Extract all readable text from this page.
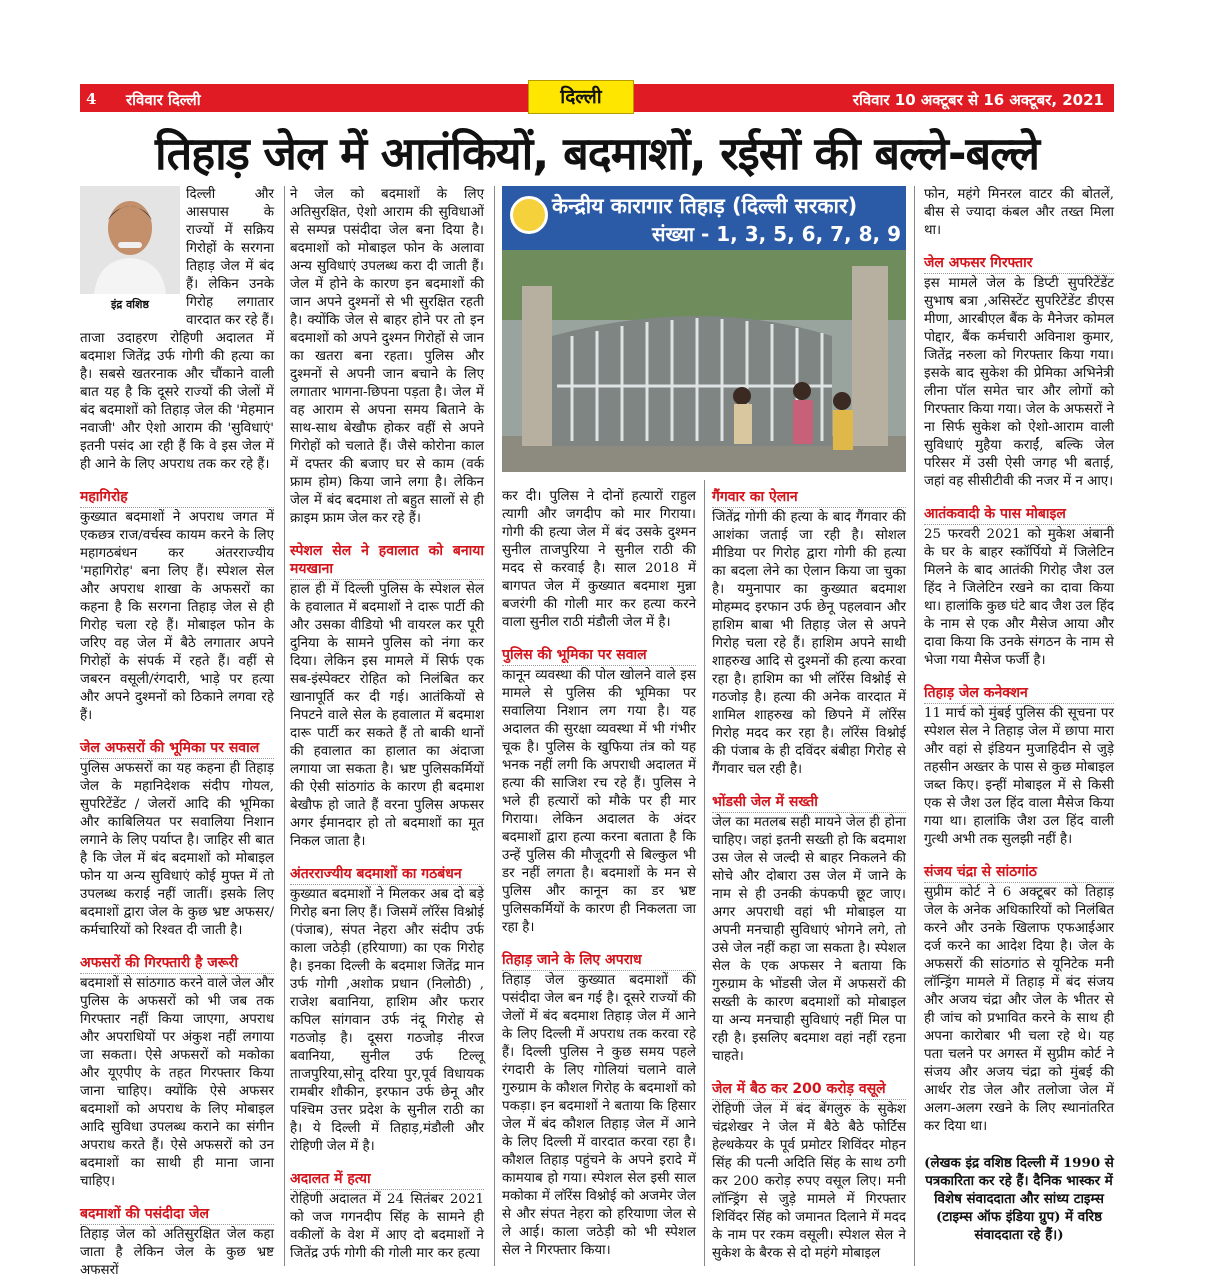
4 रविवार दिल्ली	रविवार 10 अक्टूबर से 16 अक्टूबर, 2021
दिल्ली
तिहाड़ जेल में आतंकियों, बदमाशों, रईसों की बल्ले-बल्ले
इंद्र वशिष्ठ

दिल्ली और आसपास के राज्यों में सक्रिय गिरोहों के सरगना तिहाड़ जेल में बंद हैं। लेकिन उनके गिरोह लगातार वारदात कर रहे हैं। ताजा उदाहरण रोहिणी अदालत में बदमाश जितेंद्र उर्फ गोगी की हत्या का है। सबसे खतरनाक और चौंकाने वाली बात यह है कि दूसरे राज्यों की जेलों में बंद बदमाशों को तिहाड़ जेल की 'मेहमान नवाजी' और ऐशो आराम की 'सुविधाएं' इतनी पसंद आ रही हैं कि वे इस जेल में ही आने के लिए अपराध तक कर रहे हैं।

महागिरोह

कुख्यात बदमाशों ने अपराध जगत में एकछत्र राज/वर्चस्व कायम करने के लिए महागठबंधन कर अंतरराज्यीय 'महागिरोह' बना लिए हैं। स्पेशल सेल और अपराध शाखा के अफसरों का कहना है कि सरगना तिहाड़ जेल से ही गिरोह चला रहे हैं। मोबाइल फोन के जरिए वह जेल में बैठे लगातार अपने गिरोहों के संपर्क में रहते हैं। वहीं से जबरन वसूली/रंगदारी, भाड़े पर हत्या और अपने दुश्मनों को ठिकाने लगवा रहे हैं।

जेल अफसरों की भूमिका पर सवाल

पुलिस अफसरों का यह कहना ही तिहाड़ जेल के महानिदेशक संदीप गोयल, सुपरिटेंडेंट / जेलरों आदि की भूमिका और काबिलियत पर सवालिया निशान लगाने के लिए पर्याप्त है। जाहिर सी बात है कि जेल में बंद बदमाशों को मोबाइल फोन या अन्य सुविधाएं कोई मुफ्त में तो उपलब्ध कराई नहीं जातीं। इसके लिए बदमाशों द्वारा जेल के कुछ भ्रष्ट अफसर/कर्मचारियों को रिश्वत दी जाती है।

अफसरों की गिरफ्तारी है जरूरी

बदमाशों से सांठगाठ करने वाले जेल और पुलिस के अफसरों को भी जब तक गिरफ्तार नहीं किया जाएगा, अपराध और अपराधियों पर अंकुश नहीं लगाया जा सकता। ऐसे अफसरों को मकोका और यूएपीए के तहत गिरफ्तार किया जाना चाहिए। क्योंकि ऐसे अफसर बदमाशों को अपराध के लिए मोबाइल आदि सुविधा उपलब्ध कराने का संगीन अपराध करते हैं। ऐसे अफसरों को उन बदमाशों का साथी ही माना जाना चाहिए।

बदमाशों की पसंदीदा जेल

तिहाड़ जेल को अतिसुरक्षित जेल कहा जाता है लेकिन जेल के कुछ भ्रष्ट अफसरों

ने जेल को बदमाशों के लिए अतिसुरक्षित, ऐशो आराम की सुविधाओं से सम्पन्न पसंदीदा जेल बना दिया है। बदमाशों को मोबाइल फोन के अलावा अन्य सुविधाएं उपलब्ध करा दी जाती हैं। जेल में होने के कारण इन बदमाशों की जान अपने दुश्मनों से भी सुरक्षित रहती है। क्योंकि जेल से बाहर होने पर तो इन बदमाशों को अपने दुश्मन गिरोहों से जान का खतरा बना रहता। पुलिस और दुश्मनों से अपनी जान बचाने के लिए लगातार भागना-छिपना पड़ता है। जेल में वह आराम से अपना समय बिताने के साथ-साथ बेखौफ होकर वहीं से अपने गिरोहों को चलाते हैं। जैसे कोरोना काल में दफ्तर की बजाए घर से काम (वर्क फ्राम होम) किया जाने लगा है। लेकिन जेल में बंद बदमाश तो बहुत सालों से ही क्राइम फ्राम जेल कर रहे हैं।

स्पेशल सेल ने हवालात को बनाया मयखाना

हाल ही में दिल्ली पुलिस के स्पेशल सेल के हवालात में बदमाशों ने दारू पार्टी की और उसका वीडियो भी वायरल कर पूरी दुनिया के सामने पुलिस को नंगा कर दिया। लेकिन इस मामले में सिर्फ एक सब-इंस्पेक्टर रोहित को निलंबित कर खानापूर्ति कर दी गई। आतंकियों से निपटने वाले सेल के हवालात में बदमाश दारू पार्टी कर सकते हैं तो बाकी थानों की हवालात का हालात का अंदाजा लगाया जा सकता है। भ्रष्ट पुलिसकर्मियों की ऐसी सांठगांठ के कारण ही बदमाश बेखौफ हो जाते हैं वरना पुलिस अफसर अगर ईमानदार हो तो बदमाशों का मूत निकल जाता है।

अंतरराज्यीय बदमाशों का गठबंधन

कुख्यात बदमाशों ने मिलकर अब दो बड़े गिरोह बना लिए हैं। जिसमें लॉरेंस विश्नोई (पंजाब), संपत नेहरा और संदीप उर्फ काला जठेड़ी (हरियाणा) का एक गिरोह है। इनका दिल्ली के बदमाश जितेंद्र मान उर्फ गोगी ,अशोक प्रधान (निलोठी) , राजेश बवानिया, हाशिम और फरार कपिल सांगवान उर्फ नंदू गिरोह से गठजोड़ है। दूसरा गठजोड़ नीरज बवानिया, सुनील उर्फ टिल्लू ताजपुरिया,सोनू दरिया पुर,पूर्व विधायक रामबीर शौकीन, इरफान उर्फ छेनू और पश्चिम उत्तर प्रदेश के सुनील राठी का है। ये दिल्ली में तिहाड़,मंडौली और रोहिणी जेल में है।

अदालत में हत्या

रोहिणी अदालत में 24 सितंबर 2021 को जज गगनदीप सिंह के सामने ही वकीलों के वेश में आए दो बदमाशों ने जितेंद्र उर्फ गोगी की गोली मार कर हत्या

केन्द्रीय कारागार तिहाड़ (दिल्ली सरकार)
संख्या - 1, 3, 5, 6, 7, 8, 9

कर दी। पुलिस ने दोनों हत्यारों राहुल त्यागी और जगदीप को मार गिराया। गोगी की हत्या जेल में बंद उसके दुश्मन सुनील ताजपुरिया ने सुनील राठी की मदद से करवाई है। साल 2018 में बागपत जेल में कुख्यात बदमाश मुन्ना बजरंगी की गोली मार कर हत्या करने वाला सुनील राठी मंडौली जेल में है।

पुलिस की भूमिका पर सवाल

कानून व्यवस्था की पोल खोलने वाले इस मामले से पुलिस की भूमिका पर सवालिया निशान लग गया है। यह अदालत की सुरक्षा व्यवस्था में भी गंभीर चूक है। पुलिस के खुफिया तंत्र को यह भनक नहीं लगी कि अपराधी अदालत में हत्या की साजिश रच रहे हैं। पुलिस ने भले ही हत्यारों को मौके पर ही मार गिराया। लेकिन अदालत के अंदर बदमाशों द्वारा हत्या करना बताता है कि उन्हें पुलिस की मौजूदगी से बिल्कुल भी डर नहीं लगता है। बदमाशों के मन से पुलिस और कानून का डर भ्रष्ट पुलिसकर्मियों के कारण ही निकलता जा रहा है।

तिहाड़ जाने के लिए अपराध

तिहाड़ जेल कुख्यात बदमाशों की पसंदीदा जेल बन गई है। दूसरे राज्यों की जेलों में बंद बदमाश तिहाड़ जेल में आने के लिए दिल्ली में अपराध तक करवा रहे हैं। दिल्ली पुलिस ने कुछ समय पहले रंगदारी के लिए गोलियां चलाने वाले गुरुग्राम के कौशल गिरोह के बदमाशों को पकड़ा। इन बदमाशों ने बताया कि हिसार जेल में बंद कौशल तिहाड़ जेल में आने के लिए दिल्ली में वारदात करवा रहा है। कौशल तिहाड़ पहुंचने के अपने इरादे में कामयाब हो गया। स्पेशल सेल इसी साल मकोका में लॉरेंस विश्नोई को अजमेर जेल से और संपत नेहरा को हरियाणा जेल से ले आई। काला जठेड़ी को भी स्पेशल सेल ने गिरफ्तार किया।

गैंगवार का ऐलान

जितेंद्र गोगी की हत्या के बाद गैंगवार की आशंका जताई जा रही है। सोशल मीडिया पर गिरोह द्वारा गोगी की हत्या का बदला लेने का ऐलान किया जा चुका है। यमुनापार का कुख्यात बदमाश मोहम्मद इरफान उर्फ छेनू पहलवान और हाशिम बाबा भी तिहाड़ जेल से अपने गिरोह चला रहे हैं। हाशिम अपने साथी शाहरुख आदि से दुश्मनों की हत्या करवा रहा है। हाशिम का भी लॉरेंस विश्नोई से गठजोड़ है। हत्या की अनेक वारदात में शामिल शाहरुख को छिपने में लॉरेंस गिरोह मदद कर रहा है। लॉरेंस विश्नोई की पंजाब के ही दविंदर बंबीहा गिरोह से गैंगवार चल रही है।

भोंडसी जेल में सख्ती

जेल का मतलब सही मायने जेल ही होना चाहिए। जहां इतनी सख्ती हो कि बदमाश उस जेल से जल्दी से बाहर निकलने की सोचे और दोबारा उस जेल में जाने के नाम से ही उनकी कंपकपी छूट जाए। अगर अपराधी वहां भी मोबाइल या अपनी मनचाही सुविधाएं भोगने लगे, तो उसे जेल नहीं कहा जा सकता है। स्पेशल सेल के एक अफसर ने बताया कि गुरुग्राम के भोंडसी जेल में अफसरों की सख्ती के कारण बदमाशों को मोबाइल या अन्य मनचाही सुविधाएं नहीं मिल पा रही है। इसलिए बदमाश वहां नहीं रहना चाहते।

जेल में बैठ कर 200 करोड़ वसूले

रोहिणी जेल में बंद बेंगलुरु के सुकेश चंद्रशेखर ने जेल में बैठे बैठे फोर्टिस हेल्थकेयर के पूर्व प्रमोटर शिविंदर मोहन सिंह की पत्नी अदिति सिंह के साथ ठगी कर 200 करोड़ रुपए वसूल लिए। मनी लॉन्ड्रिंग से जुड़े मामले में गिरफ्तार शिविंदर सिंह को जमानत दिलाने में मदद के नाम पर रकम वसूली। स्पेशल सेल ने सुकेश के बैरक से दो महंगे मोबाइल

फोन, महंगे मिनरल वाटर की बोतलें, बीस से ज्यादा कंबल और तख्त मिला था।

जेल अफसर गिरफ्तार

इस मामले जेल के डिप्टी सुपरिटेंडेंट सुभाष बत्रा ,असिस्टेंट सुपरिटेंडेंट डीएस मीणा, आरबीएल बैंक के मैनेजर कोमल पोद्दार, बैंक कर्मचारी अविनाश कुमार, जितेंद्र नरुला को गिरफ्तार किया गया। इसके बाद सुकेश की प्रेमिका अभिनेत्री लीना पॉल समेत चार और लोगों को गिरफ्तार किया गया। जेल के अफसरों ने ना सिर्फ सुकेश को ऐशो-आराम वाली सुविधाएं मुहैया कराईं, बल्कि जेल परिसर में उसी ऐसी जगह भी बताई, जहां वह सीसीटीवी की नजर में न आए।

आतंकवादी के पास मोबाइल

25 फरवरी 2021 को मुकेश अंबानी के घर के बाहर स्कॉर्पियो में जिलेटिन मिलने के बाद आतंकी गिरोह जैश उल हिंद ने जिलेटिन रखने का दावा किया था। हालांकि कुछ घंटे बाद जैश उल हिंद के नाम से एक और मैसेज आया और दावा किया कि उनके संगठन के नाम से भेजा गया मैसेज फर्जी है।

तिहाड़ जेल कनेक्शन

11 मार्च को मुंबई पुलिस की सूचना पर स्पेशल सेल ने तिहाड़ जेल में छापा मारा और वहां से इंडियन मुजाहिदीन से जुड़े तहसीन अख्तर के पास से कुछ मोबाइल जब्त किए। इन्हीं मोबाइल में से किसी एक से जैश उल हिंद वाला मैसेज किया गया था। हालांकि जैश उल हिंद वाली गुत्थी अभी तक सुलझी नहीं है।

संजय चंद्रा से सांठगांठ

सुप्रीम कोर्ट ने 6 अक्टूबर को तिहाड़ जेल के अनेक अधिकारियों को निलंबित करने और उनके खिलाफ एफआईआर दर्ज करने का आदेश दिया है। जेल के अफसरों की सांठगांठ से यूनिटेक मनी लॉन्ड्रिंग मामले में तिहाड़ में बंद संजय और अजय चंद्रा और जेल के भीतर से ही जांच को प्रभावित करने के साथ ही अपना कारोबार भी चला रहे थे। यह पता चलने पर अगस्त में सुप्रीम कोर्ट ने संजय और अजय चंद्रा को मुंबई की आर्थर रोड जेल और तलोजा जेल में अलग-अलग रखने के लिए स्थानांतरित कर दिया था।

(लेखक इंद्र वशिष्ठ दिल्ली में 1990 से पत्रकारिता कर रहे हैं। दैनिक भास्कर में विशेष संवाददाता और सांध्य टाइम्स (टाइम्स ऑफ इंडिया ग्रुप) में वरिष्ठ संवाददाता रहे हैं।)
